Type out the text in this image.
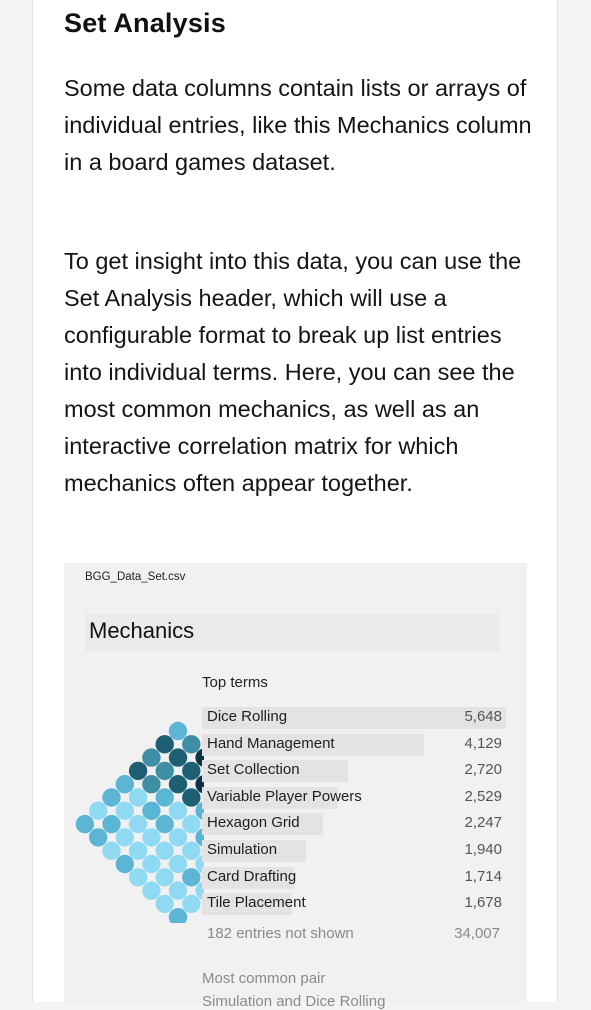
Set Analysis

Some data columns contain lists or arrays of individual entries, like this Mechanics column in a board games dataset.

To get insight into this data, you can use the Set Analysis header, which will use a configurable format to break up list entries into individual terms. Here, you can see the most common mechanics, as well as an interactive correlation matrix for which mechanics often appear together.

BGG_Data_Set.csv
Mechanics
Top terms
Dice Rolling	5,648
Hand Management	4,129
Set Collection	2,720
Variable Player Powers	2,529
Hexagon Grid	2,247
Simulation	1,940
Card Drafting	1,714
Tile Placement	1,678
182 entries not shown	34,007
Most common pair
Simulation and Dice Rolling
